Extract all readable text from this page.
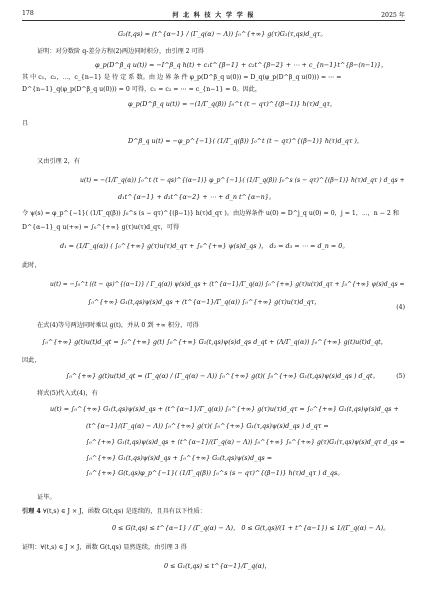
178	河 北 科 技 大 学 学 报	2025 年
G₂(t,qs) = (t^{α−1} / (Γ_q(α) − Λ)) ∫₀^{+∞} g(τ)G₁(τ,qs)d_qτ。
证明：对分数阶 q-差分方程(2)两边同时积分，由引理 2 可得
φ_p(D^β_q u(t)) = −I^β_q h(t) + c₁t^{β−1} + c₂t^{β−2} + ⋯ + c_{n−1}t^{β−(n−1)}，
其 中 c₁，c₂，⋯，c_{n−1} 是 待 定 系 数。由 边 界 条 件 φ_p(D^β_q u(0)) = D_q(φ_p(D^β_q u(0))) = ⋯ =
D^{n−1}_q(φ_p(D^β_q u(0))) = 0 可得，c₁ = c₂ = ⋯ = c_{n−1} = 0。因此，
φ_p(D^β_q u(t)) = −(1/Γ_q(β)) ∫₀^t (t − qτ)^{(β−1)} h(τ)d_qτ，
且
D^β_q u(t) = −φ_p^{−1}( (1/Γ_q(β)) ∫₀^t (t − qτ)^{(β−1)} h(τ)d_qτ )，
又由引理 2，有
u(t) = −(1/Γ_q(α)) ∫₀^t (t − qs)^{(α−1)} φ_p^{−1}( (1/Γ_q(β)) ∫₀^s (s − qτ)^{(β−1)} h(τ)d_qτ ) d_qs +
d₁t^{α−1} + d₂t^{α−2} + ⋯ + d_n t^{α−n}。
令 ψ(s) = φ_p^{−1}( (1/Γ_q(β)) ∫₀^s (s − qτ)^{(β−1)} h(τ)d_qτ )。由边界条件 u(0) = D^j_q u(0) = 0，j = 1，⋯，n − 2 和
D^{α−1}_q u(+∞) = ∫₀^{+∞} g(τ)u(τ)d_qτ，可得
d₁ = (1/Γ_q(α)) ( ∫₀^{+∞} g(τ)u(τ)d_qτ + ∫₀^{+∞} ψ(s)d_qs )， d₂ = d₃ = ⋯ = d_n = 0。
此时，
u(t) = −∫₀^t ((t − qs)^{(α−1)} / Γ_q(α)) ψ(s)d_qs + (t^{α−1}/Γ_q(α)) ∫₀^{+∞} g(τ)u(τ)d_qτ + ∫₀^{+∞} ψ(s)d_qs =
∫₀^{+∞} G₁(t,qs)ψ(s)d_qs + (t^{α−1}/Γ_q(α)) ∫₀^{+∞} g(τ)u(τ)d_qτ，
(4)
在式(4)等号两边同时乘以 g(t)，并从 0 到 +∞ 积分，可得
∫₀^{+∞} g(t)u(t)d_qt = ∫₀^{+∞} g(t) ∫₀^{+∞} G₁(t,qs)ψ(s)d_qs d_qt + (Λ/Γ_q(α)) ∫₀^{+∞} g(t)u(t)d_qt，
因此，
∫₀^{+∞} g(t)u(t)d_qt = (Γ_q(α) / (Γ_q(α) − Λ)) ∫₀^{+∞} g(t)( ∫₀^{+∞} G₁(t,qs)ψ(s)d_qs ) d_qt。	(5)
将式(5)代入式(4)，有
u(t) = ∫₀^{+∞} G₁(t,qs)ψ(s)d_qs + (t^{α−1}/Γ_q(α)) ∫₀^{+∞} g(τ)u(τ)d_qτ = ∫₀^{+∞} G₁(t,qs)ψ(s)d_qs +
(t^{α−1}/(Γ_q(α) − Λ)) ∫₀^{+∞} g(τ)( ∫₀^{+∞} G₁(τ,qs)ψ(s)d_qs ) d_qτ =
∫₀^{+∞} G₁(t,qs)ψ(s)d_qs + (t^{α−1}/(Γ_q(α) − Λ)) ∫₀^{+∞} ∫₀^{+∞} g(τ)G₁(τ,qs)ψ(s)d_qτ d_qs =
∫₀^{+∞} G₁(t,qs)ψ(s)d_qs + ∫₀^{+∞} G₂(t,qs)ψ(s)d_qs =
∫₀^{+∞} G(t,qs)φ_p^{−1}( (1/Γ_q(β)) ∫₀^s (s − qτ)^{(β−1)} h(τ)d_qτ ) d_qs。
证毕。
引理 4 ∀(t,s) ∈ J × J，函数 G(t,qs) 是连续的，且具有以下性质：
0 ≤ G(t,qs) ≤ t^{α−1} / (Γ_q(α) − Λ)， 0 ≤ G(t,qs)/(1 + t^{α−1}) ≤ 1/(Γ_q(α) − Λ)。
证明：∀(t,s) ∈ J × J，函数 G(t,qs) 显然连续，由引理 3 得
0 ≤ G₁(t,qs) ≤ t^{α−1}/Γ_q(α)，
